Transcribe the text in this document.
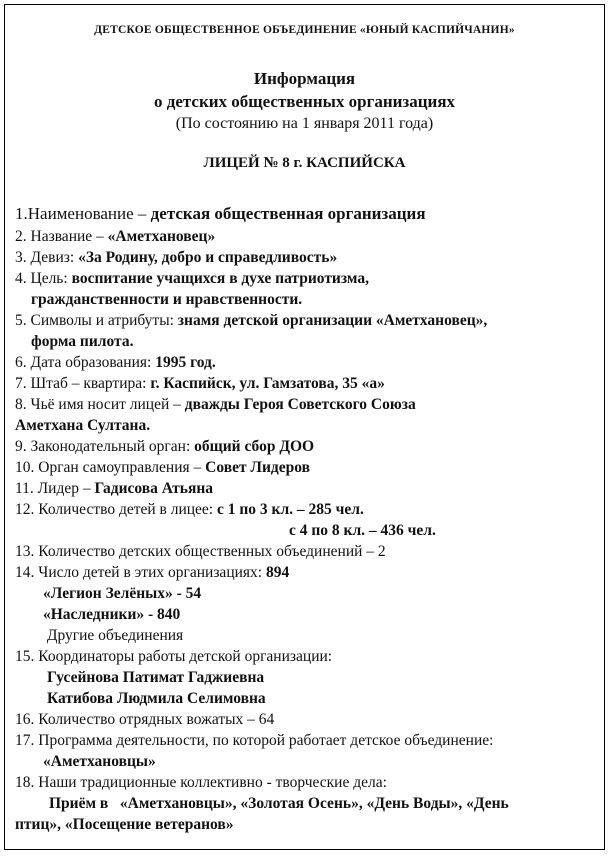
ДЕТСКОЕ ОБЩЕСТВЕННОЕ ОБЪЕДИНЕНИЕ «ЮНЫЙ КАСПИЙЧАНИН»
Информация
о детских общественных организациях
(По состоянию на 1 января 2011 года)
ЛИЦЕЙ № 8 г. КАСПИЙСКА
1.Наименование – детская общественная организация
2. Название – «Аметхановец»
3. Девиз: «За Родину, добро и справедливость»
4. Цель: воспитание учащихся в духе патриотизма,
гражданственности и нравственности.
5. Символы и атрибуты: знамя детской организации «Аметхановец»,
форма пилота.
6. Дата образования: 1995 год.
7. Штаб – квартира: г. Каспийск, ул. Гамзатова, 35 «а»
8. Чьё имя носит лицей – дважды Героя Советского Союза
Аметхана Султана.
9. Законодательный орган: общий сбор ДОО
10. Орган самоуправления – Совет Лидеров
11. Лидер – Гадисова Атьяна
12. Количество детей в лицее: с 1 по 3 кл. – 285 чел.
с 4 по 8 кл. – 436 чел.
13. Количество детских общественных объединений – 2
14. Число детей в этих организациях: 894
«Легион Зелёных» - 54
«Наследники» - 840
Другие объединения
15. Координаторы работы детской организации:
Гусейнова Патимат Гаджиевна
Катибова Людмила Селимовна
16. Количество отрядных вожатых – 64
17. Программа деятельности, по которой работает детское объединение:
«Аметхановцы»
18. Наши традиционные коллективно - творческие дела:
Приём в   «Аметхановцы», «Золотая Осень», «День Воды», «День
птиц», «Посещение ветеранов»
